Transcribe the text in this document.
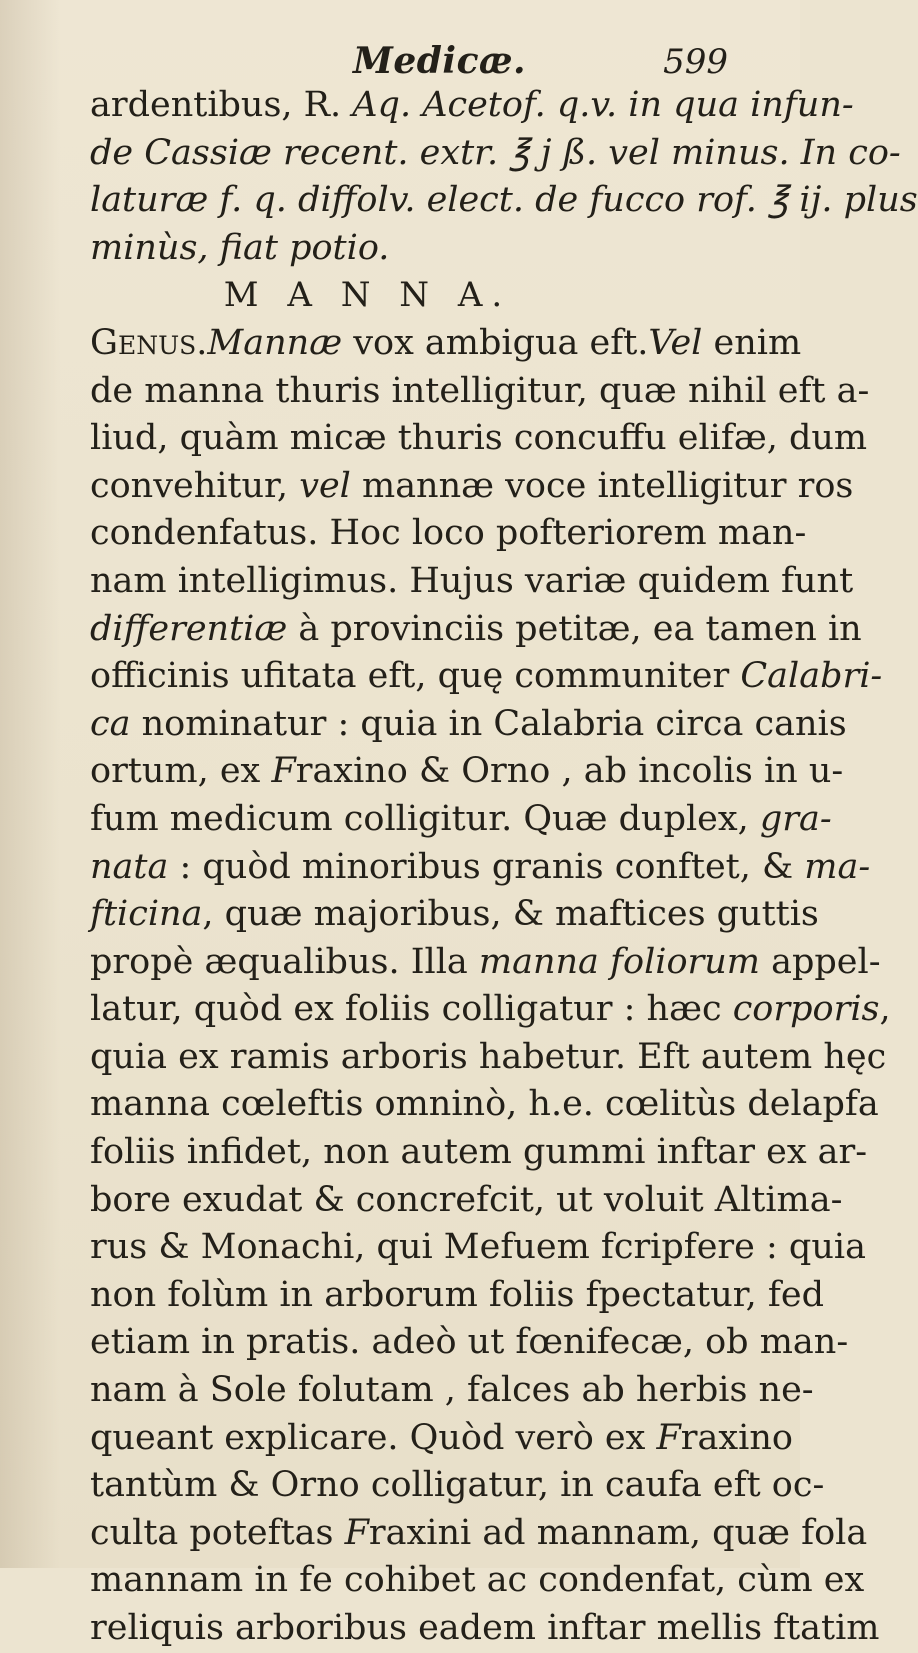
Medicæ.	599
ardentibus, R. Aq. Acetof. q.v. in qua infun-
de Cassiæ recent. extr. ℥ j ß. vel minus. In co-
laturæ f. q. diffolv. elect. de fucco rof. ℥ ij. plus
minùs, fiat potio.
M A N N A.
Genus.Mannæ vox ambigua eft.Vel enim
de manna thuris intelligitur, quæ nihil eft a-
liud, quàm micæ thuris concuffu elifæ, dum
convehitur, vel mannæ voce intelligitur ros
condenfatus. Hoc loco pofteriorem man-
nam intelligimus. Hujus variæ quidem funt
differentiæ à provinciis petitæ, ea tamen in
officinis ufitata eft, quę communiter Calabri-
ca nominatur : quia in Calabria circa canis
ortum, ex Fraxino & Orno , ab incolis in u-
fum medicum colligitur. Quæ duplex, gra-
nata : quòd minoribus granis conftet, & ma-
fticina, quæ majoribus, & maftices guttis
propè æqualibus. Illa manna foliorum appel-
latur, quòd ex foliis colligatur : hæc corporis,
quia ex ramis arboris habetur. Eft autem hęc
manna cœleftis omninò, h.e. cœlitùs delapfa
foliis infidet, non autem gummi inftar ex ar-
bore exudat & concrefcit, ut voluit Altima-
rus & Monachi, qui Mefuem fcripfere : quia
non folùm in arborum foliis fpectatur, fed
etiam in pratis. adeò ut fœnifecæ, ob man-
nam à Sole folutam , falces ab herbis ne-
queant explicare. Quòd verò ex Fraxino
tantùm & Orno colligatur, in caufa eft oc-
culta poteftas Fraxini ad mannam, quæ fola
mannam in fe cohibet ac condenfat, cùm ex
reliquis arboribus eadem inftar mellis ftatim
